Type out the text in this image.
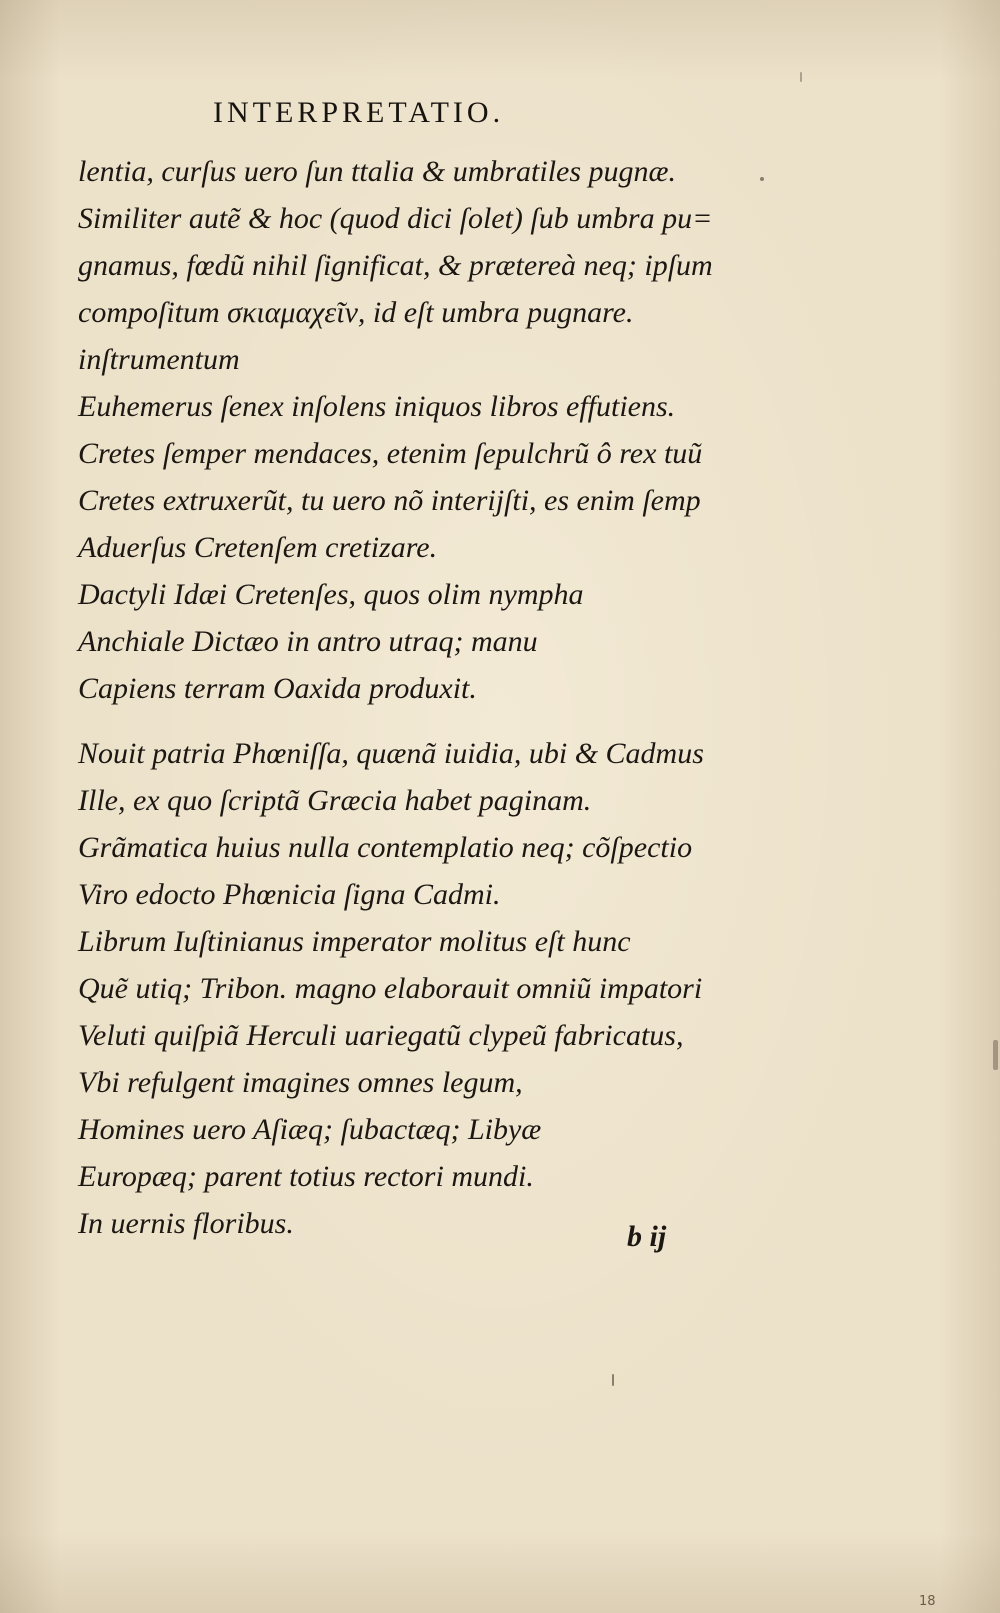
INTERPRETATIO.
lentia, curſus uero ſun ttalia & umbratiles pugnæ.
Similiter autẽ & hoc (quod dici ſolet) ſub umbra pu=
gnamus, fœdũ nihil ſignificat, & prætereà neq; ipſum
compoſitum σκιαμαχεῖν, id eſt umbra pugnare.
inſtrumentum
Euhemerus ſenex inſolens iniquos libros effutiens.
Cretes ſemper mendaces, etenim ſepulchrũ ô rex tuũ
Cretes extruxerũt, tu uero nõ interijſti, es enim ſemp
Aduerſus Cretenſem cretizare.
Dactyli Idæi Cretenſes, quos olim nympha
Anchiale Dictæo in antro utraq; manu
Capiens terram Oaxida produxit.
Nouit patria Phœniſſa, quænã iuidia, ubi & Cadmus
Ille, ex quo ſcriptã Græcia habet paginam.
Grãmatica huius nulla contemplatio neq; cõſpectio
Viro edocto Phœnicia ſigna Cadmi.
Librum Iuſtinianus imperator molitus eſt hunc
Quẽ utiq; Tribon. magno elaborauit omniũ impatori
Veluti quiſpiã Herculi uariegatũ clypeũ fabricatus,
Vbi refulgent imagines omnes legum,
Homines uero Aſiæq; ſubactæq; Libyæ
Europæq; parent totius rectori mundi.
In uernis floribus.	b ij
18
